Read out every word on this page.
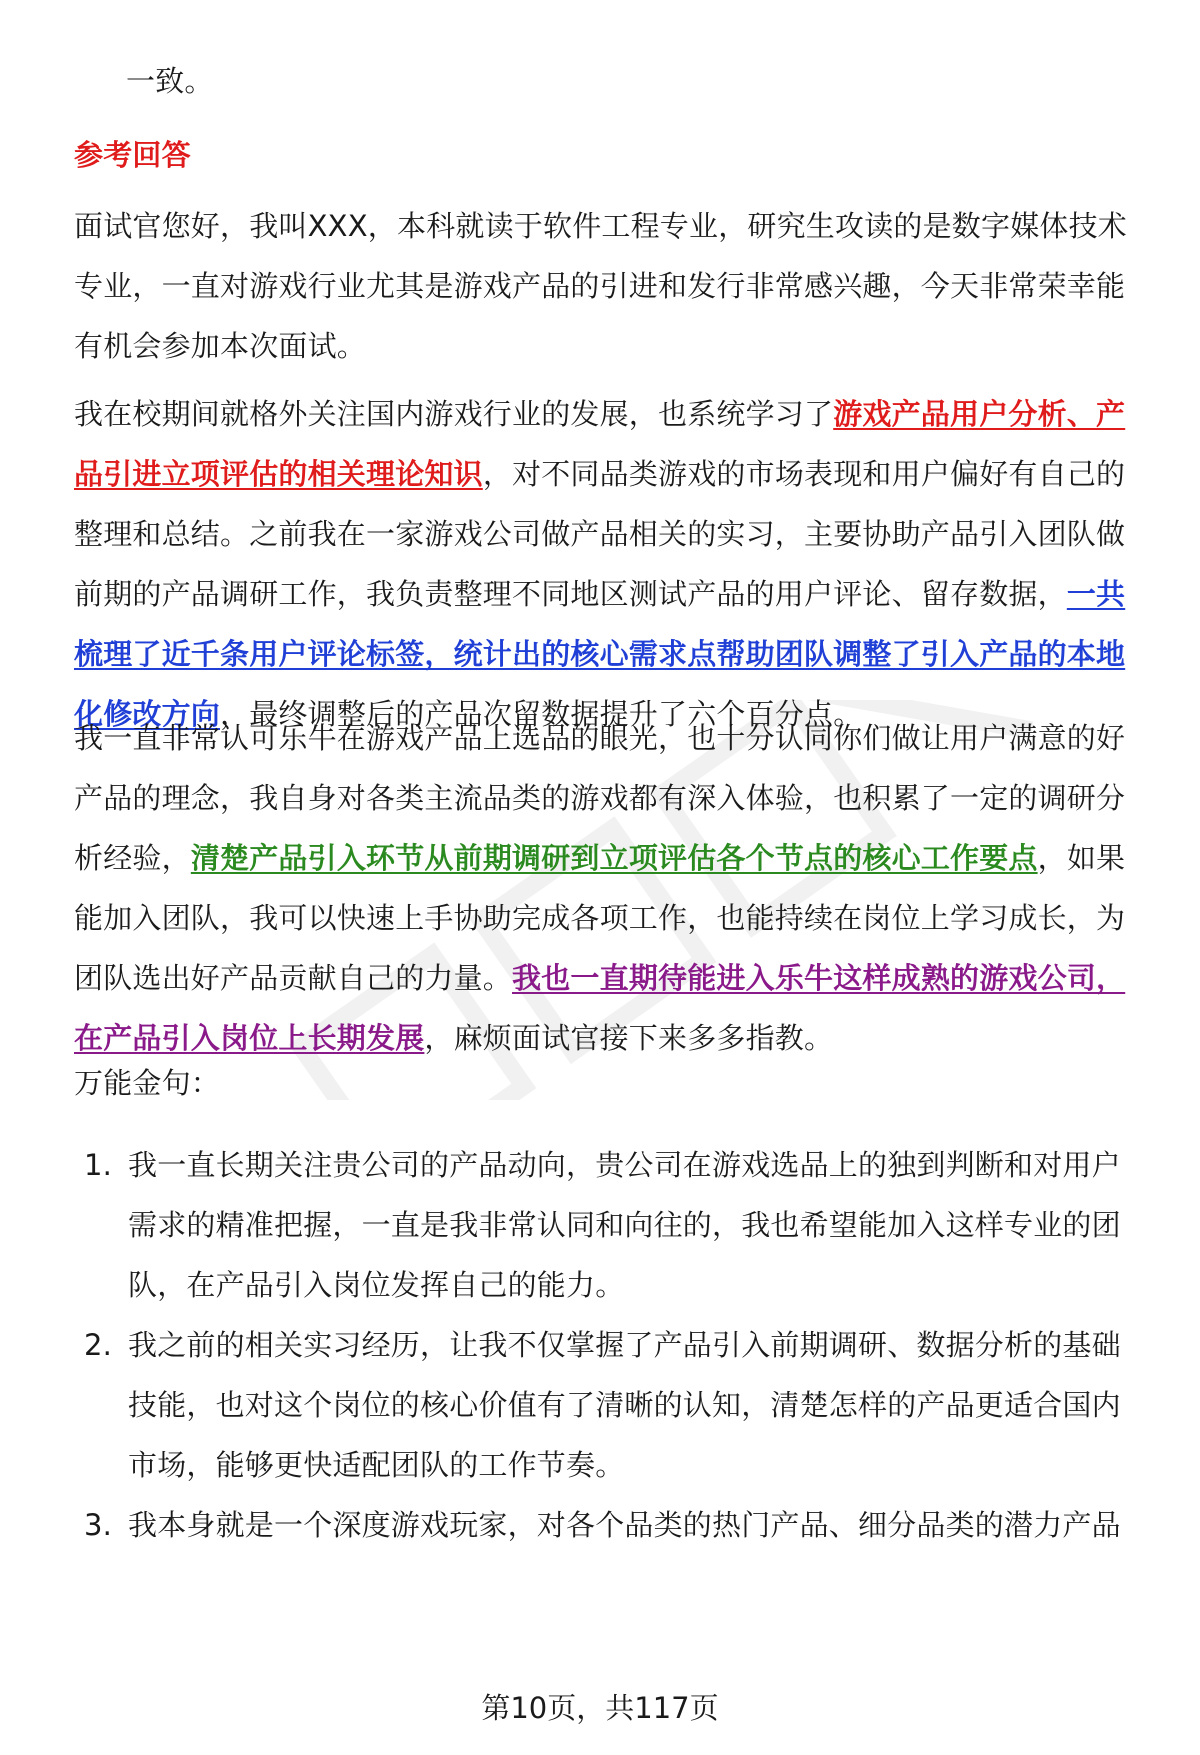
一致。
参考回答
面试官您好，我叫XXX，本科就读于软件工程专业，研究生攻读的是数字媒体技术专业，一直对游戏行业尤其是游戏产品的引进和发行非常感兴趣，今天非常荣幸能有机会参加本次面试。
我在校期间就格外关注国内游戏行业的发展，也系统学习了游戏产品用户分析、产品引进立项评估的相关理论知识，对不同品类游戏的市场表现和用户偏好有自己的整理和总结。之前我在一家游戏公司做产品相关的实习，主要协助产品引入团队做前期的产品调研工作，我负责整理不同地区测试产品的用户评论、留存数据，一共梳理了近千条用户评论标签，统计出的核心需求点帮助团队调整了引入产品的本地化修改方向，最终调整后的产品次留数据提升了六个百分点。
我一直非常认可乐牛在游戏产品上选品的眼光，也十分认同你们做让用户满意的好产品的理念，我自身对各类主流品类的游戏都有深入体验，也积累了一定的调研分析经验，清楚产品引入环节从前期调研到立项评估各个节点的核心工作要点，如果能加入团队，我可以快速上手协助完成各项工作，也能持续在岗位上学习成长，为团队选出好产品贡献自己的力量。我也一直期待能进入乐牛这样成熟的游戏公司，在产品引入岗位上长期发展，麻烦面试官接下来多多指教。
万能金句：
1. 我一直长期关注贵公司的产品动向，贵公司在游戏选品上的独到判断和对用户需求的精准把握，一直是我非常认同和向往的，我也希望能加入这样专业的团队，在产品引入岗位发挥自己的能力。
2. 我之前的相关实习经历，让我不仅掌握了产品引入前期调研、数据分析的基础技能，也对这个岗位的核心价值有了清晰的认知，清楚怎样的产品更适合国内市场，能够更快适配团队的工作节奏。
3. 我本身就是一个深度游戏玩家，对各个品类的热门产品、细分品类的潜力产品
第10页，共117页
